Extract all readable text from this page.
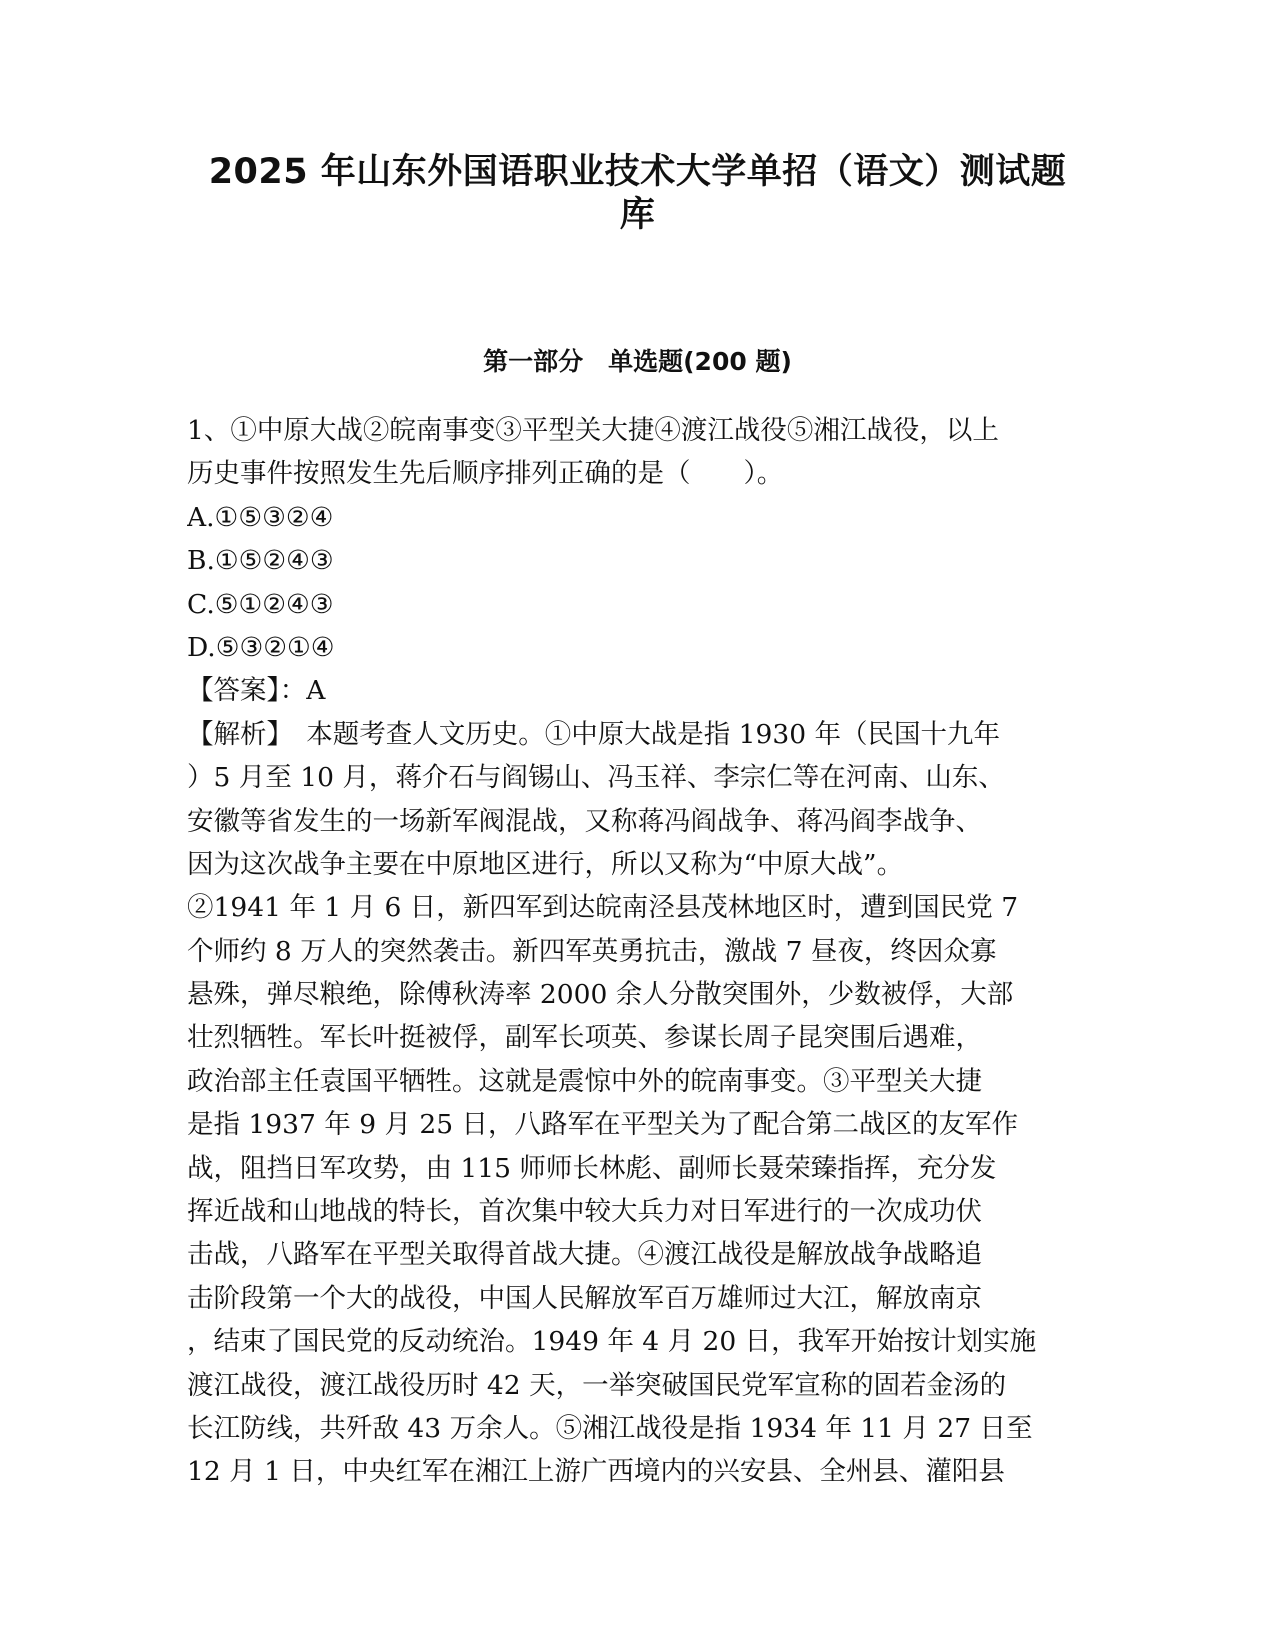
2025 年山东外国语职业技术大学单招（语文）测试题
库
第一部分　单选题(200 题)
1、①中原大战②皖南事变③平型关大捷④渡江战役⑤湘江战役，以上
历史事件按照发生先后顺序排列正确的是（　　）。
A.①⑤③②④
B.①⑤②④③
C.⑤①②④③
D.⑤③②①④
【答案】：A
【解析】　本题考查人文历史。①中原大战是指 1930 年（民国十九年
）5 月至 10 月，蒋介石与阎锡山、冯玉祥、李宗仁等在河南、山东、
安徽等省发生的一场新军阀混战，又称蒋冯阎战争、蒋冯阎李战争、
因为这次战争主要在中原地区进行，所以又称为“中原大战”。
②1941 年 1 月 6 日，新四军到达皖南泾县茂林地区时，遭到国民党 7
个师约 8 万人的突然袭击。新四军英勇抗击，激战 7 昼夜，终因众寡
悬殊，弹尽粮绝，除傅秋涛率 2000 余人分散突围外，少数被俘，大部
壮烈牺牲。军长叶挺被俘，副军长项英、参谋长周子昆突围后遇难，
政治部主任袁国平牺牲。这就是震惊中外的皖南事变。③平型关大捷
是指 1937 年 9 月 25 日，八路军在平型关为了配合第二战区的友军作
战，阻挡日军攻势，由 115 师师长林彪、副师长聂荣臻指挥，充分发
挥近战和山地战的特长，首次集中较大兵力对日军进行的一次成功伏
击战，八路军在平型关取得首战大捷。④渡江战役是解放战争战略追
击阶段第一个大的战役，中国人民解放军百万雄师过大江，解放南京
，结束了国民党的反动统治。1949 年 4 月 20 日，我军开始按计划实施
渡江战役，渡江战役历时 42 天，一举突破国民党军宣称的固若金汤的
长江防线，共歼敌 43 万余人。⑤湘江战役是指 1934 年 11 月 27 日至
12 月 1 日，中央红军在湘江上游广西境内的兴安县、全州县、灌阳县
